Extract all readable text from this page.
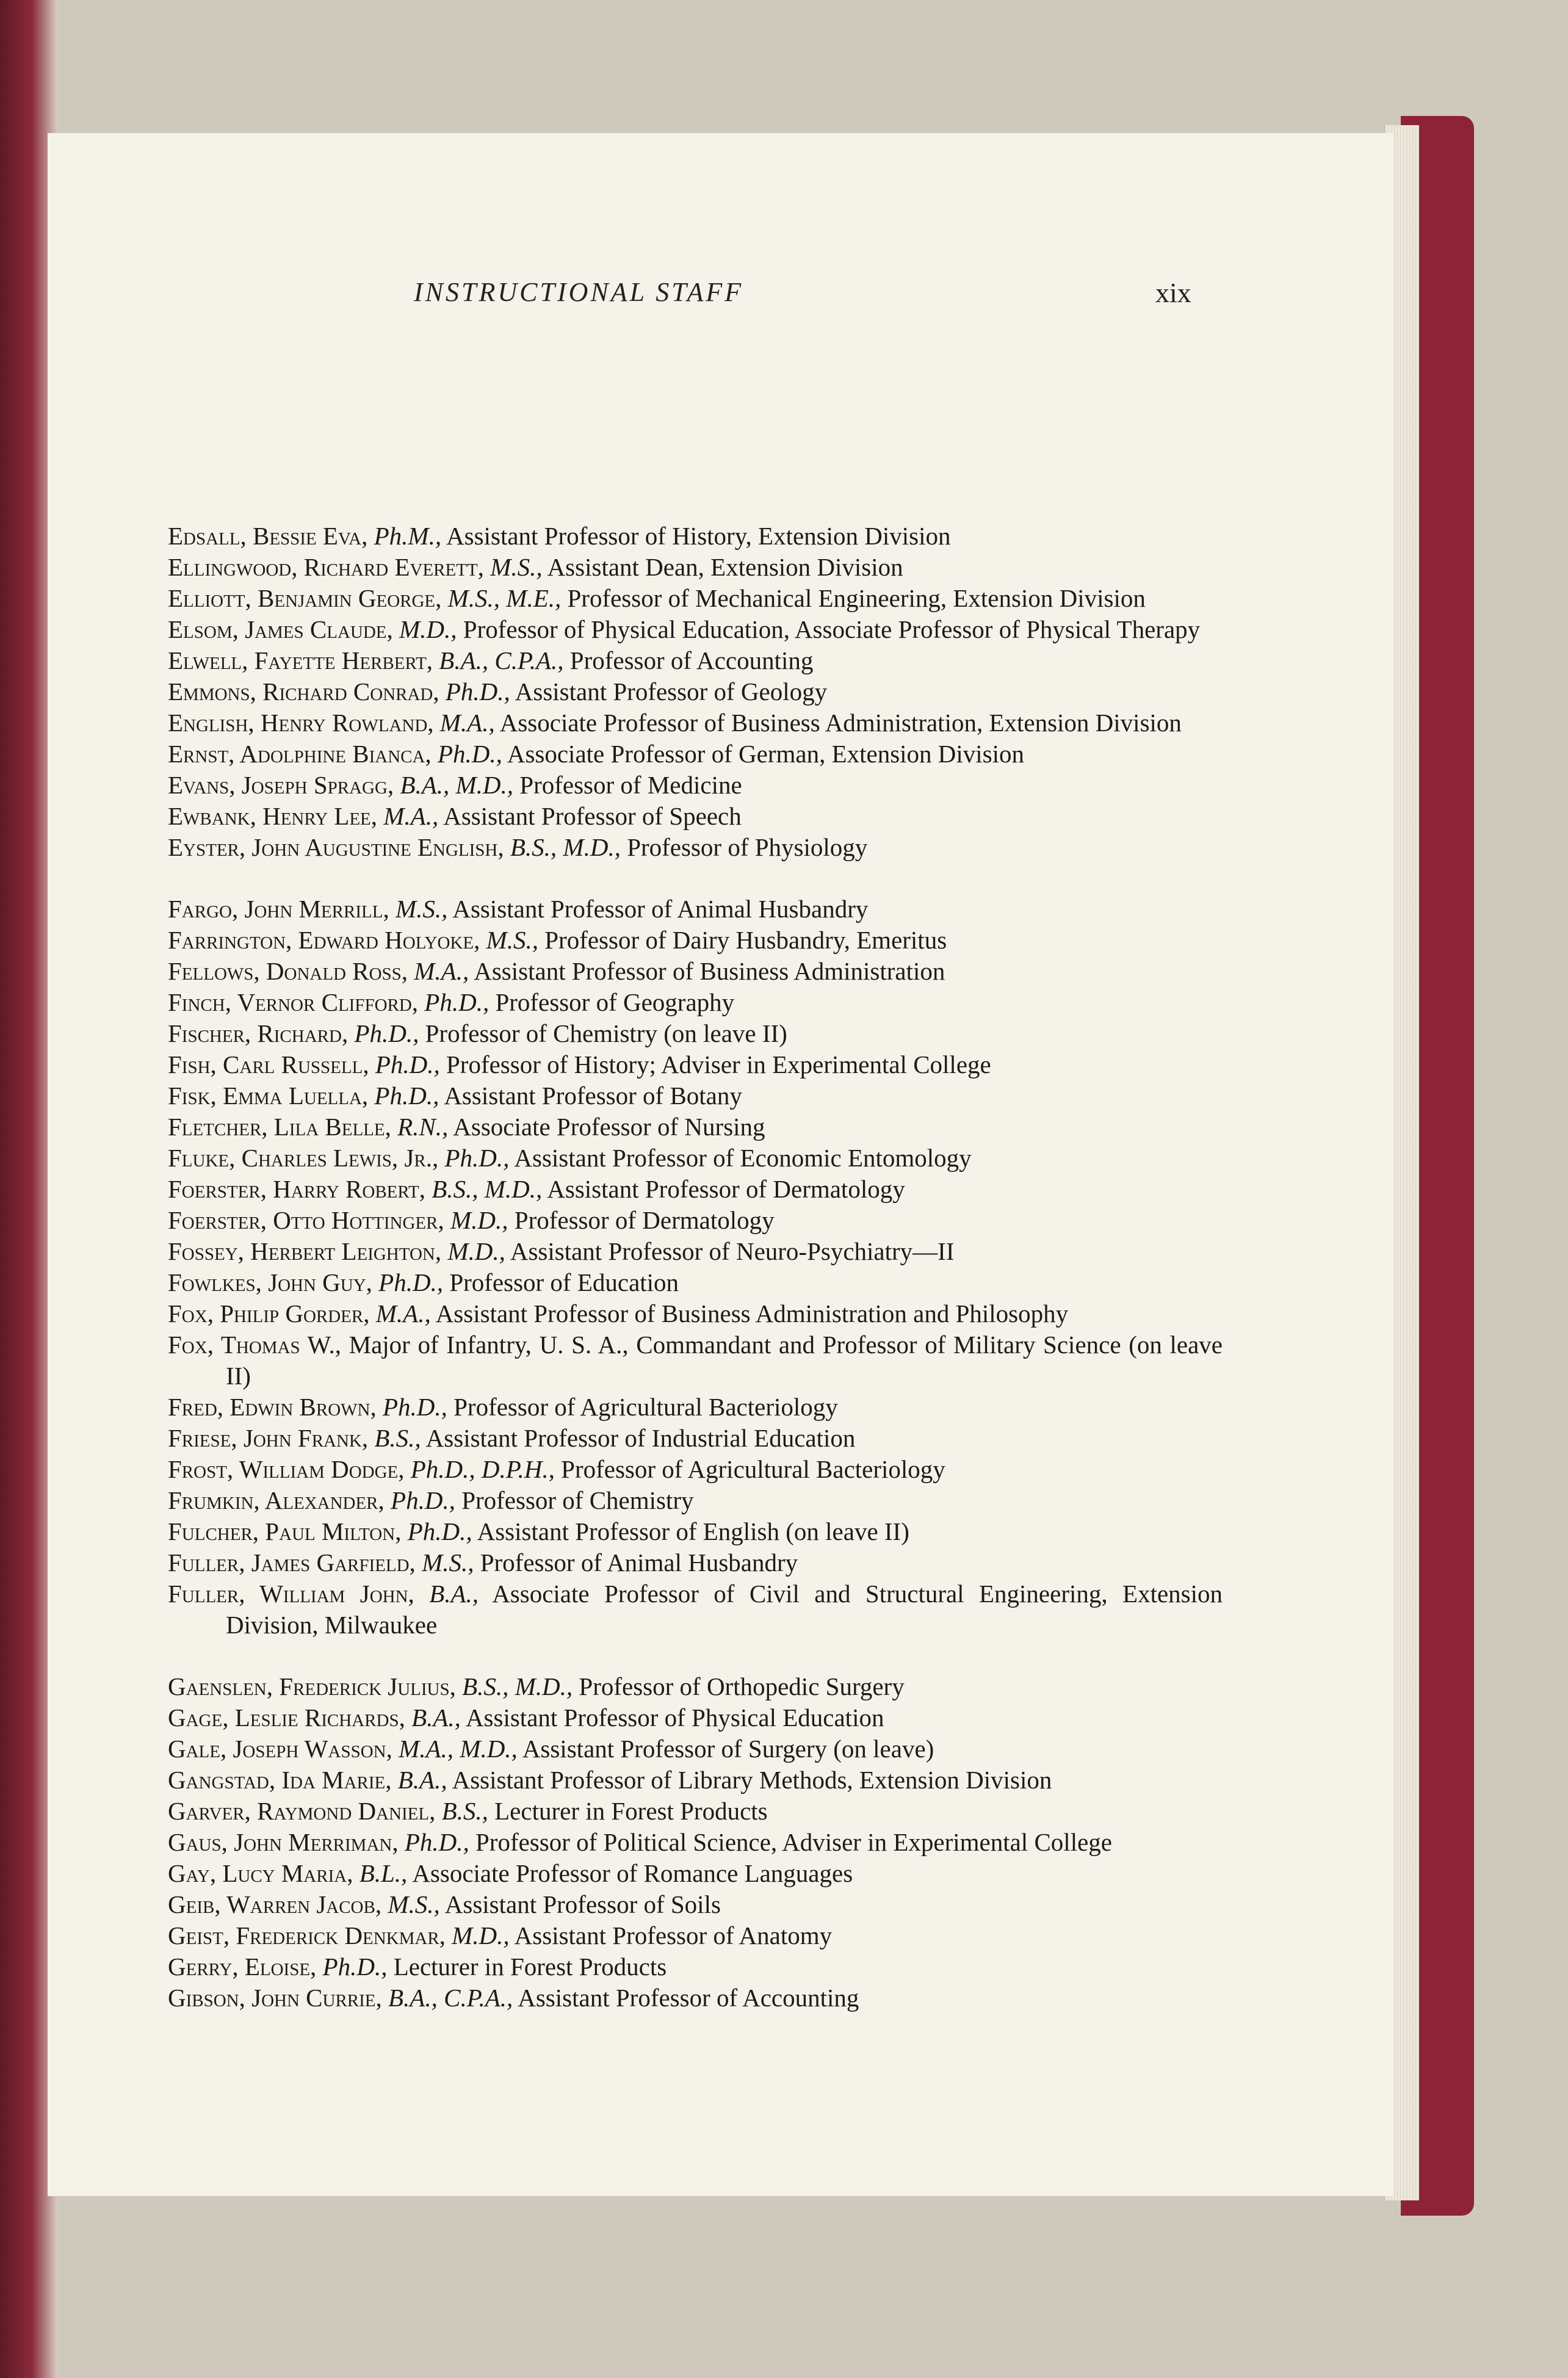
INSTRUCTIONAL STAFF	xix

Edsall, Bessie Eva, Ph.M., Assistant Professor of History, Extension Division

Ellingwood, Richard Everett, M.S., Assistant Dean, Extension Division

Elliott, Benjamin George, M.S., M.E., Professor of Mechanical Engineering, Extension Division

Elsom, James Claude, M.D., Professor of Physical Education, Associate Professor of Physical Therapy

Elwell, Fayette Herbert, B.A., C.P.A., Professor of Accounting

Emmons, Richard Conrad, Ph.D., Assistant Professor of Geology

English, Henry Rowland, M.A., Associate Professor of Business Administration, Extension Division

Ernst, Adolphine Bianca, Ph.D., Associate Professor of German, Extension Division

Evans, Joseph Spragg, B.A., M.D., Professor of Medicine

Ewbank, Henry Lee, M.A., Assistant Professor of Speech

Eyster, John Augustine English, B.S., M.D., Professor of Physiology

Fargo, John Merrill, M.S., Assistant Professor of Animal Husbandry

Farrington, Edward Holyoke, M.S., Professor of Dairy Husbandry, Emeritus

Fellows, Donald Ross, M.A., Assistant Professor of Business Administration

Finch, Vernor Clifford, Ph.D., Professor of Geography

Fischer, Richard, Ph.D., Professor of Chemistry (on leave II)

Fish, Carl Russell, Ph.D., Professor of History; Adviser in Experimental College

Fisk, Emma Luella, Ph.D., Assistant Professor of Botany

Fletcher, Lila Belle, R.N., Associate Professor of Nursing

Fluke, Charles Lewis, Jr., Ph.D., Assistant Professor of Economic Entomology

Foerster, Harry Robert, B.S., M.D., Assistant Professor of Dermatology

Foerster, Otto Hottinger, M.D., Professor of Dermatology

Fossey, Herbert Leighton, M.D., Assistant Professor of Neuro-Psychiatry—II

Fowlkes, John Guy, Ph.D., Professor of Education

Fox, Philip Gorder, M.A., Assistant Professor of Business Administration and Philosophy

Fox, Thomas W., Major of Infantry, U. S. A., Commandant and Professor of Military Science (on leave II)

Fred, Edwin Brown, Ph.D., Professor of Agricultural Bacteriology

Friese, John Frank, B.S., Assistant Professor of Industrial Education

Frost, William Dodge, Ph.D., D.P.H., Professor of Agricultural Bacteriology

Frumkin, Alexander, Ph.D., Professor of Chemistry

Fulcher, Paul Milton, Ph.D., Assistant Professor of English (on leave II)

Fuller, James Garfield, M.S., Professor of Animal Husbandry

Fuller, William John, B.A., Associate Professor of Civil and Structural Engineering, Extension Division, Milwaukee

Gaenslen, Frederick Julius, B.S., M.D., Professor of Orthopedic Surgery

Gage, Leslie Richards, B.A., Assistant Professor of Physical Education

Gale, Joseph Wasson, M.A., M.D., Assistant Professor of Surgery (on leave)

Gangstad, Ida Marie, B.A., Assistant Professor of Library Methods, Extension Division

Garver, Raymond Daniel, B.S., Lecturer in Forest Products

Gaus, John Merriman, Ph.D., Professor of Political Science, Adviser in Experimental College

Gay, Lucy Maria, B.L., Associate Professor of Romance Languages

Geib, Warren Jacob, M.S., Assistant Professor of Soils

Geist, Frederick Denkmar, M.D., Assistant Professor of Anatomy

Gerry, Eloise, Ph.D., Lecturer in Forest Products

Gibson, John Currie, B.A., C.P.A., Assistant Professor of Accounting
